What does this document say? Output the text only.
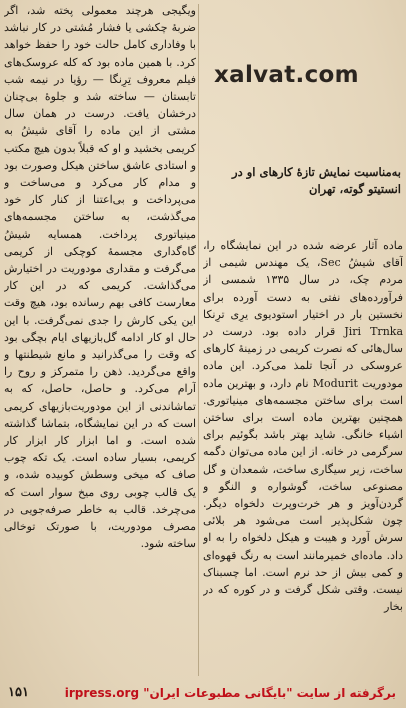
ویگیجی هرچند معمولی پخته شد، اگر ضربهٔ چکشی یا فشار مُشتی در کار نباشد با وفاداری کامل حالت خود را حفظ خواهد کرد. با همین ماده بود که کله عروسک‌های فیلم معروف تِرِنگا — رؤیا در نیمه شب تابستان — ساخته شد و جلوهٔ بی‌چنان درخشان یافت. درست در همان سال مشتی از این ماده را آقای شیشُ به کریمی بخشید و او که قبلاً بدون هیچ مکتب و استادی عاشق ساختن هیکل وصورت بود و مدام کار می‌کرد و می‌ساخت و می‌پرداخت و بی‌اعتنا از کنار کار خود می‌گذشت، به ساختن مجسمه‌های مینیاتوری پرداخت. همسایه شیشُ گاه‌گداری مجسمهٔ کوچکی از کریمی می‌گرفت و مقداری مودوریت در اختیارش می‌گذاشت. کریمی که در این کار معارست کافی بهم رسانده بود، هیچ وقت این یکی کارش را جدی نمی‌گرفت. با این حال او کار ادامه گل‌بازیهای ایام بچگی بود که وقت را می‌گذرانید و مانع شیطنتها و واقع می‌گردید. ذهن را متمرکز و روح را آرام می‌کرد. و حاصل، حاصل، که به تماشاندنی از این مودوریت‌بازیهای کریمی است که در این نمایشگاه، بتماشا گذاشته شده است. و اما ابزار کار ابزار کار کریمی، بسیار ساده است. یک تکه چوب صاف که میخی وسطش کوبیده شده، و یک قالب چوبی روی میخ سوار است که می‌چرخد. قالب به خاطر صرفه‌جویی در مصرف مودوریت، با صورتک توخالی ساخته شود.

xalvat.com
به‌مناسبت نمایش تازهٔ کارهای او در انستیتو گوته، تهران

ماده آثار عرضه شده در این نمایشگاه را، آقای شیشُ Sec، یک مهندس شیمی از مردم چک، در سال ۱۳۳۵ شمسی از فرآورده‌های نفتی به دست آورده برای نخستین بار در اختیار استودیوی یرِی ترِنکا Jiri Trnka قرار داده بود. درست در سال‌هائی که نصرت کریمی در زمینهٔ کارهای عروسکی در آنجا تلمذ می‌کرد. این ماده مودوریت Modurit نام دارد، و بهترین ماده است برای ساختن مجسمه‌های مینیاتوری. همچنین بهترین ماده است برای ساختن اشیاء خانگی. شاید بهتر باشد بگوئیم برای سرگرمی در خانه. از این ماده می‌توان دگمه ساخت، زیر سیگاری ساخت، شمعدان و گل مصنوعی ساخت، گوشواره و النگو و گردن‌آویز و هر خرت‌وپرت دلخواه دیگر. چون شکل‌پذیر است می‌شود هر بلائی سرش آورد و هیبت و هیکل دلخواه را به او داد. ماده‌ای خمیرمانند است به رنگ قهوه‌ای و کمی بیش از حد نرم است. اما چسبناک نیست. وقتی شکل گرفت و در کوره که در بخار

۱۵۱	برگرفته از سایت "بایگانی مطبوعات ایران" irpress.org
